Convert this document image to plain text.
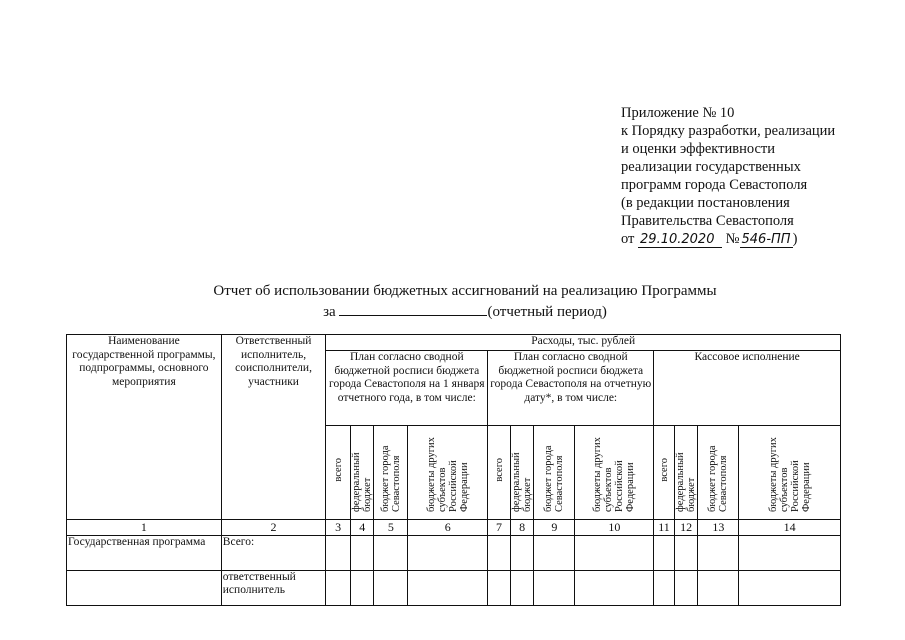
Приложение № 10
к Порядку разработки, реализации
и оценки эффективности
реализации государственных
программ города Севастополя
(в редакции постановления
Правительства Севастополя
от 29.10.2020 № 546-ПП )
Отчет об использовании бюджетных ассигнований на реализацию Программы
за	(отчетный период)
Наименование государственной программы, подпрограммы, основного мероприятия	Ответственный исполнитель, соисполнители, участники	Расходы, тыс. рублей											
		План согласно сводной бюджетной росписи бюджета города Севастополя на 1 января отчетного года, в том числе:				План согласно сводной бюджетной росписи бюджета города Севастополя на отчетную дату*, в том числе:				Кассовое исполнение			
		всего	федеральный бюджет	бюджет города Севастополя	бюджеты других субъектов Российской Федерации	всего	федеральный бюджет	бюджет города Севастополя	бюджеты других субъектов Российской Федерации	всего	федеральный бюджет	бюджет города Севастополя	бюджеты других субъектов Российской Федерации
1	2	3	4	5	6	7	8	9	10	11	12	13	14
Государственная программа	Всего:												
	ответственный исполнитель												
